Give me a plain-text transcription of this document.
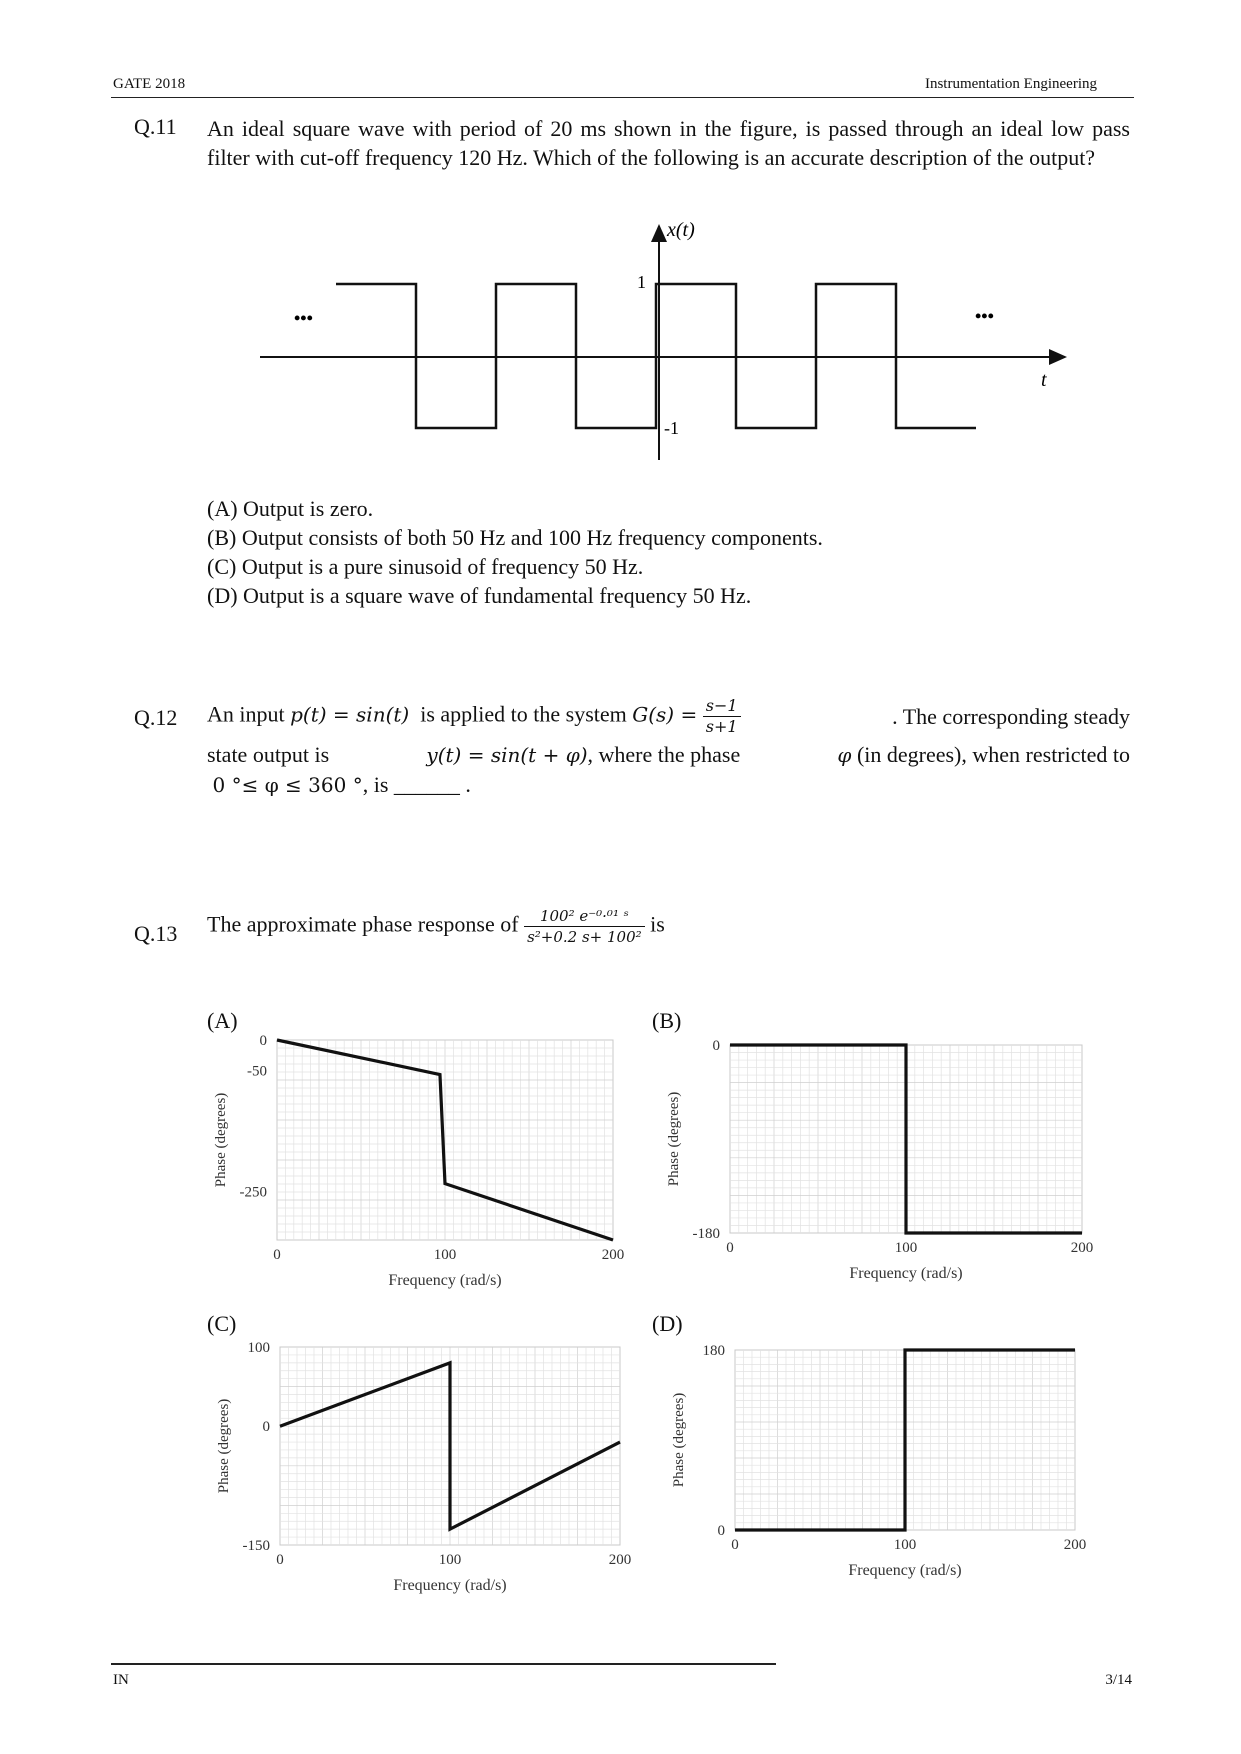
GATE 2018	Instrumentation Engineering
Q.11 An ideal square wave with period of 20 ms shown in the figure, is passed through an ideal low pass filter with cut-off frequency 120 Hz. Which of the following is an accurate description of the output?
x(t)
t
1
-1
•••	•••
(A) Output is zero.
(B) Output consists of both 50 Hz and 100 Hz frequency components.
(C) Output is a pure sinusoid of frequency 50 Hz.
(D) Output is a square wave of fundamental frequency 50 Hz.
Q.12 An input p(t) = sin(t) is applied to the system $G(s) = \frac{s-1}{s+1}$	. The corresponding steady
state output is	y(t) = sin(t + φ), where the phase	φ (in degrees), when restricted to
0 °≤ φ ≤ 360 °, is ______ .
Q.13 The approximate phase response of $\frac{\text{100² e⁻⁰·⁰¹ ˢ}}{\text{s²+0.2 s+ 100²}}$ is
(A)	(B)
(C)	(D)
0	100	200
0
-50
-250
Frequency (rad/s)
Phase (degrees)
0	100	200
0
-180
Frequency (rad/s)
Phase (degrees)
0	100	200
100
0
-150
Frequency (rad/s)
Phase (degrees)
0	100	200
180
0
Frequency (rad/s)
Phase (degrees)
IN	3/14
